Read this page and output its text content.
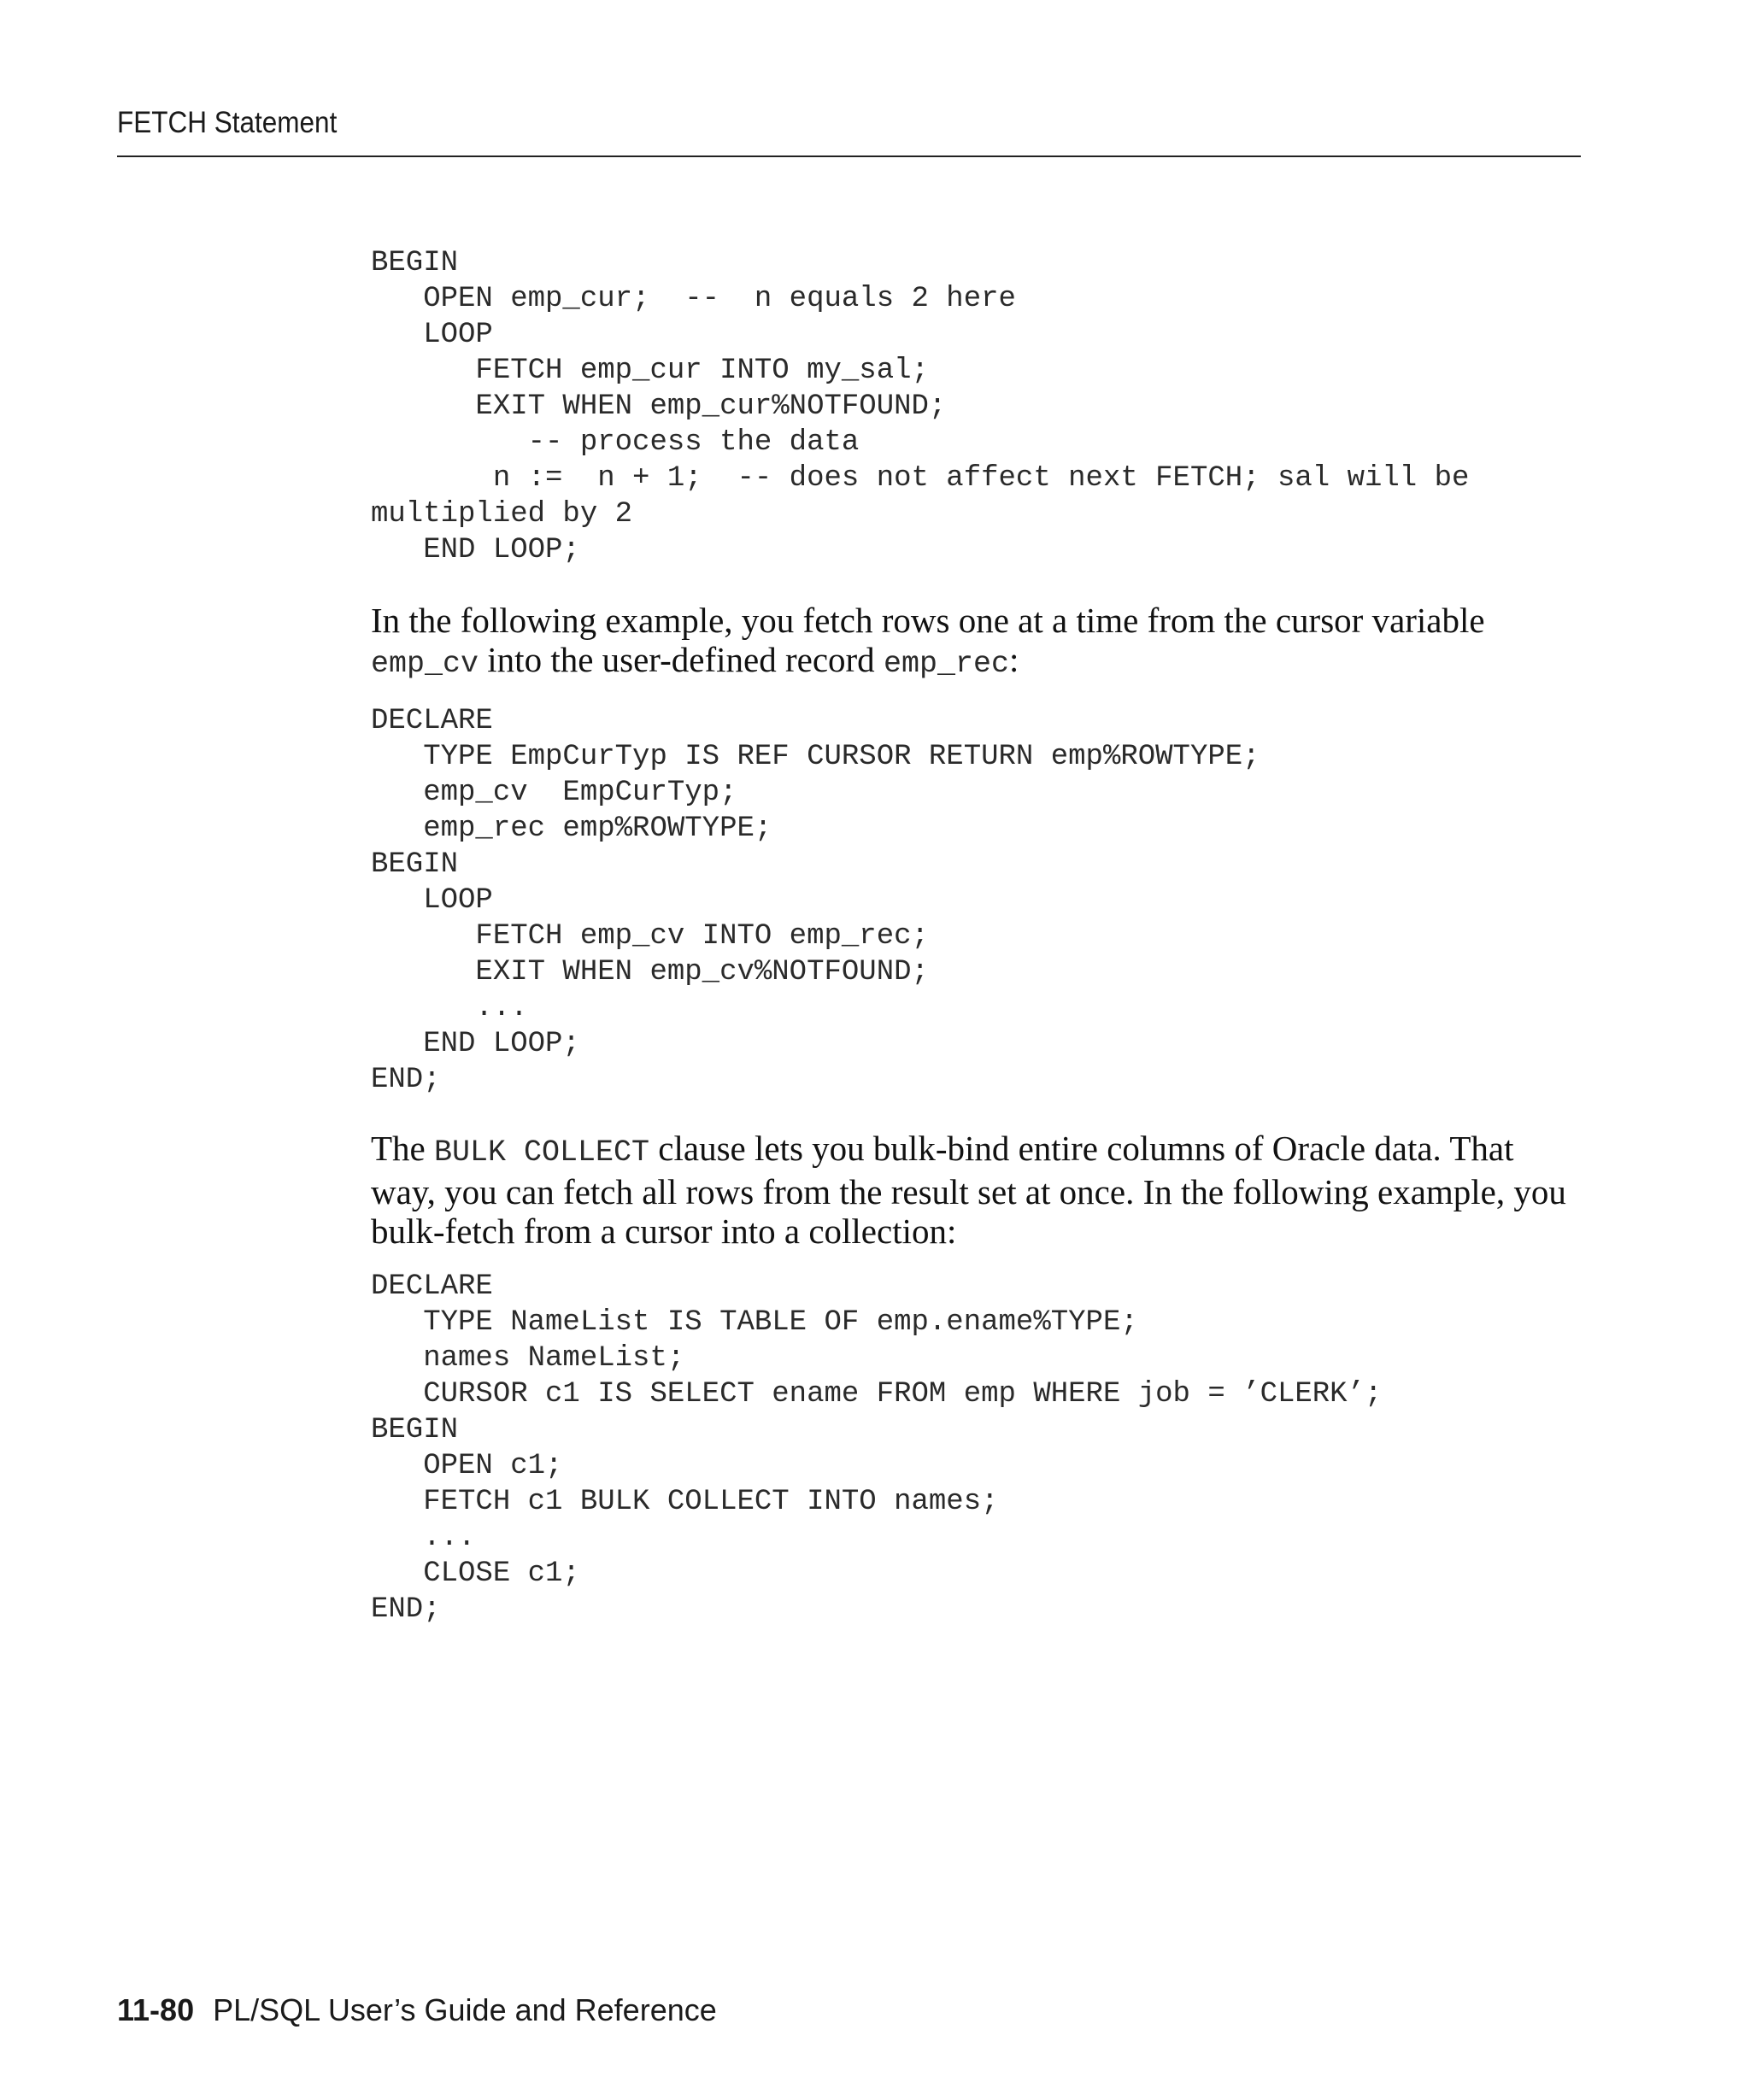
FETCH Statement
BEGIN
OPEN emp_cur;  --  n equals 2 here
LOOP
FETCH emp_cur INTO my_sal;
EXIT WHEN emp_cur%NOTFOUND;
-- process the data
n :=  n + 1;  -- does not affect next FETCH; sal will be
multiplied by 2
END LOOP;

In the following example, you fetch rows one at a time from the cursor variable emp_cv into the user-defined record emp_rec:

DECLARE
TYPE EmpCurTyp IS REF CURSOR RETURN emp%ROWTYPE;
emp_cv  EmpCurTyp;
emp_rec emp%ROWTYPE;
BEGIN
LOOP
FETCH emp_cv INTO emp_rec;
EXIT WHEN emp_cv%NOTFOUND;
...
END LOOP;
END;

The BULK COLLECT clause lets you bulk-bind entire columns of Oracle data. That way, you can fetch all rows from the result set at once. In the following example, you bulk-fetch from a cursor into a collection:

DECLARE
TYPE NameList IS TABLE OF emp.ename%TYPE;
names NameList;
CURSOR c1 IS SELECT ename FROM emp WHERE job = ’CLERK’;
BEGIN
OPEN c1;
FETCH c1 BULK COLLECT INTO names;
...
CLOSE c1;
END;
11-80 PL/SQL User’s Guide and Reference
